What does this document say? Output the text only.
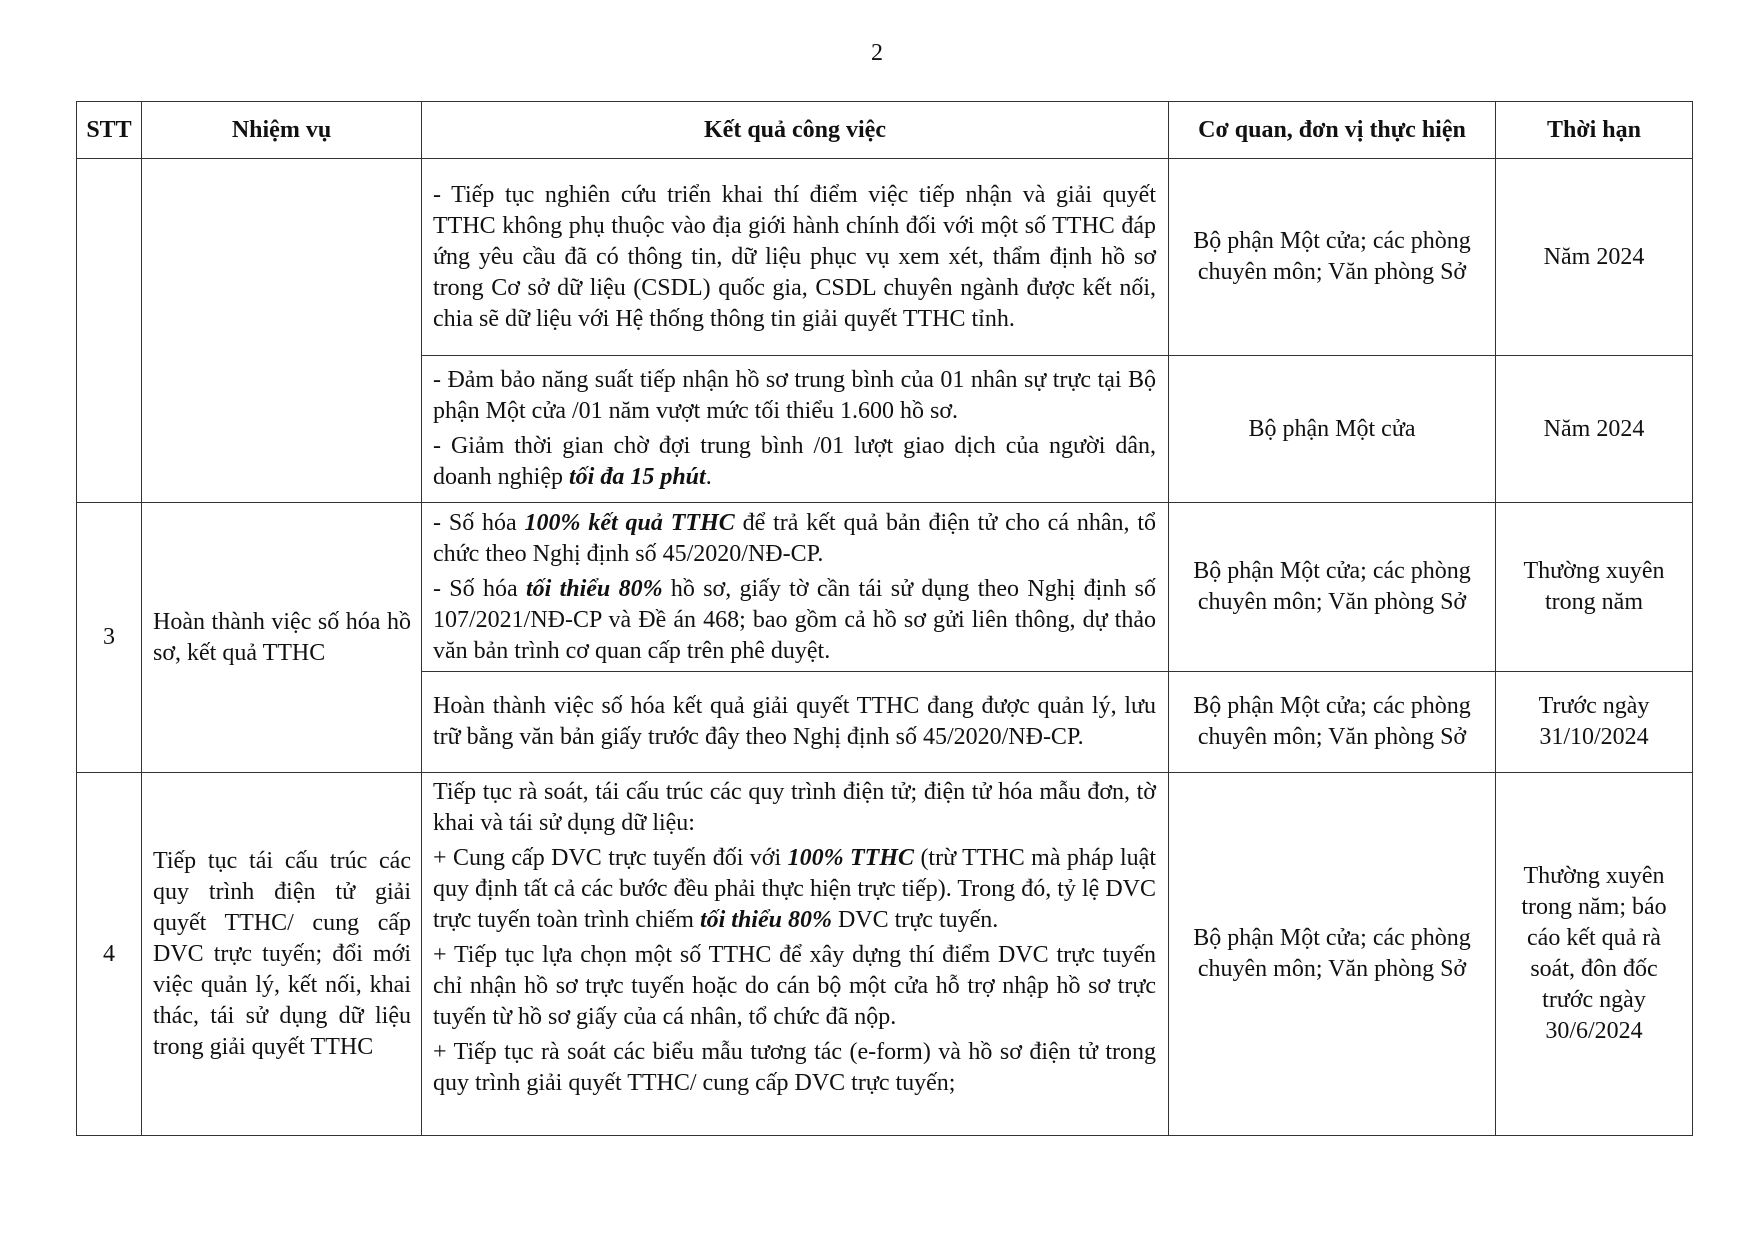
2
STT	Nhiệm vụ	Kết quả công việc	Cơ quan, đơn vị thực hiện	Thời hạn

		- Tiếp tục nghiên cứu triển khai thí điểm việc tiếp nhận và giải quyết TTHC không phụ thuộc vào địa giới hành chính đối với một số TTHC đáp ứng yêu cầu đã có thông tin, dữ liệu phục vụ xem xét, thẩm định hồ sơ trong Cơ sở dữ liệu (CSDL) quốc gia, CSDL chuyên ngành được kết nối, chia sẽ dữ liệu với Hệ thống thông tin giải quyết TTHC tỉnh.	Bộ phận Một cửa; các phòng chuyên môn; Văn phòng Sở	Năm 2024

		- Đảm bảo năng suất tiếp nhận hồ sơ trung bình của 01 nhân sự trực tại Bộ phận Một cửa /01 năm vượt mức tối thiểu 1.600 hồ sơ.

- Giảm thời gian chờ đợi trung bình /01 lượt giao dịch của người dân, doanh nghiệp tối đa 15 phút.	Bộ phận Một cửa	Năm 2024
3	Hoàn thành việc số hóa hồ sơ, kết quả TTHC	- Số hóa 100% kết quả TTHC để trả kết quả bản điện tử cho cá nhân, tổ chức theo Nghị định số 45/2020/NĐ-CP.

- Số hóa tối thiểu 80% hồ sơ, giấy tờ cần tái sử dụng theo Nghị định số 107/2021/NĐ-CP và Đề án 468; bao gồm cả hồ sơ gửi liên thông, dự thảo văn bản trình cơ quan cấp trên phê duyệt.	Bộ phận Một cửa; các phòng chuyên môn; Văn phòng Sở	Thường xuyên trong năm

		Hoàn thành việc số hóa kết quả giải quyết TTHC đang được quản lý, lưu trữ bằng văn bản giấy trước đây theo Nghị định số 45/2020/NĐ-CP.	Bộ phận Một cửa; các phòng chuyên môn; Văn phòng Sở	Trước ngày 31/10/2024
4	Tiếp tục tái cấu trúc các quy trình điện tử giải quyết TTHC/ cung cấp DVC trực tuyến; đổi mới việc quản lý, kết nối, khai thác, tái sử dụng dữ liệu trong giải quyết TTHC	Tiếp tục rà soát, tái cấu trúc các quy trình điện tử; điện tử hóa mẫu đơn, tờ khai và tái sử dụng dữ liệu:

+ Cung cấp DVC trực tuyến đối với 100% TTHC (trừ TTHC mà pháp luật quy định tất cả các bước đều phải thực hiện trực tiếp). Trong đó, tỷ lệ DVC trực tuyến toàn trình chiếm tối thiểu 80% DVC trực tuyến.

+ Tiếp tục lựa chọn một số TTHC để xây dựng thí điểm DVC trực tuyến chỉ nhận hồ sơ trực tuyến hoặc do cán bộ một cửa hỗ trợ nhập hồ sơ trực tuyến từ hồ sơ giấy của cá nhân, tổ chức đã nộp.

+ Tiếp tục rà soát các biểu mẫu tương tác (e-form) và hồ sơ điện tử trong quy trình giải quyết TTHC/ cung cấp DVC trực tuyến;	Bộ phận Một cửa; các phòng chuyên môn; Văn phòng Sở	Thường xuyên trong năm; báo cáo kết quả rà soát, đôn đốc trước ngày 30/6/2024
